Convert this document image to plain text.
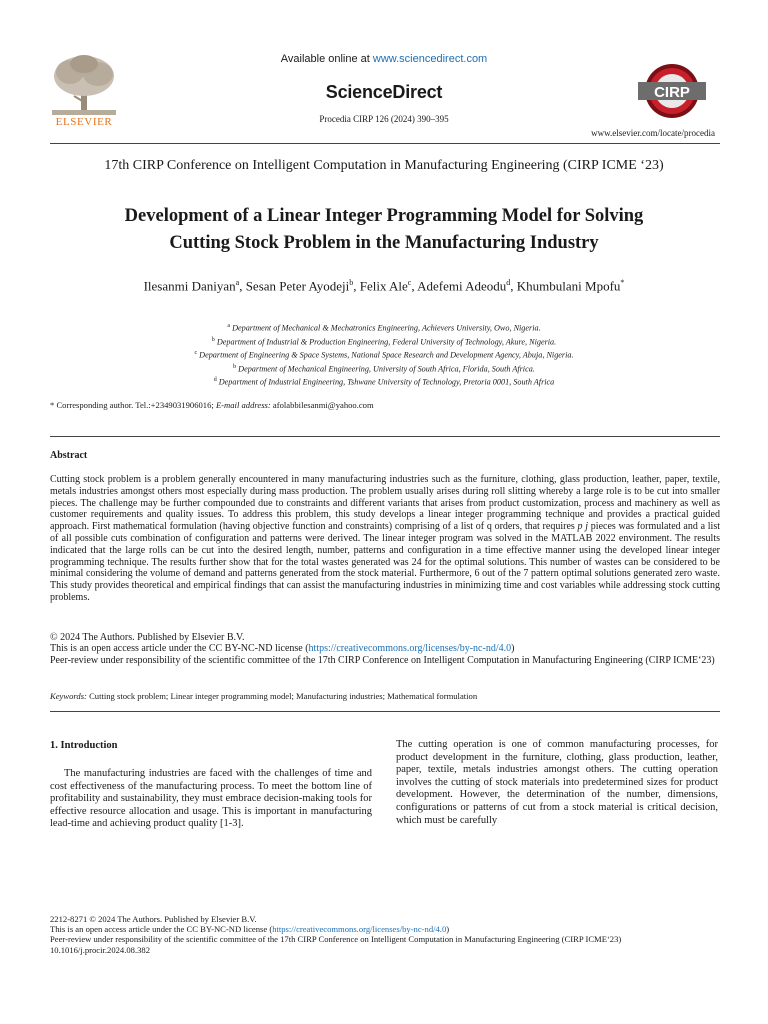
ELSEVIER
Available online at www.sciencedirect.com
ScienceDirect
Procedia CIRP 126 (2024) 390–395
CIRP
www.elsevier.com/locate/procedia
17th CIRP Conference on Intelligent Computation in Manufacturing Engineering (CIRP ICME ‘23)
Development of a Linear Integer Programming Model for Solving
Cutting Stock Problem in the Manufacturing Industry
Ilesanmi Daniyan$^a$, Sesan Peter Ayodeji$^b$, Felix Ale$^c$, Adefemi Adeodu$^d$, Khumbulani Mpofu*
$^a$ Department of Mechanical & Mechatronics Engineering, Achievers University, Owo, Nigeria.
$^b$ Department of Industrial & Production Engineering, Federal University of Technology, Akure, Nigeria.
$^c$ Department of Engineering & Space Systems, National Space Research and Development Agency, Abuja, Nigeria.
$^b$ Department of Mechanical Engineering, University of South Africa, Florida, South Africa.
$^d$ Department of Industrial Engineering, Tshwane University of Technology, Pretoria 0001, South Africa
* Corresponding author. Tel.:+2349031906016; E-mail address: afolabbilesanmi@yahoo.com
Abstract
Cutting stock problem is a problem generally encountered in many manufacturing industries such as the furniture, clothing, glass production, leather, paper, textile, metals industries amongst others most especially during mass production. The problem usually arises during roll slitting whereby a large role is to be cut into smaller pieces. The challenge may be further compounded due to constraints and different variants that arises from product customization, process and machinery as well as customer requirements and quality issues. To address this problem, this study develops a linear integer programming technique and provides a practical guided approach. First mathematical formulation (having objective function and constraints) comprising of a list of q orders, that requires p j pieces was formulated and a list of all possible cuts combination of configuration and patterns were derived. The linear integer program was solved in the MATLAB 2022 environment. The results indicated that the large rolls can be cut into the desired length, number, patterns and configuration in a time effective manner using the developed linear integer programming technique. The results further show that for the total wastes generated was 24 for the optimal solutions. This number of wastes can be considered to be minimal considering the volume of demand and patterns generated from the stock material. Furthermore, 6 out of the 7 pattern optimal solutions generated zero waste. This study provides theoretical and empirical findings that can assist the manufacturing industries in minimizing time and cost variables while addressing stock cutting problems.
© 2024 The Authors. Published by Elsevier B.V.
This is an open access article under the CC BY-NC-ND license (https://creativecommons.org/licenses/by-nc-nd/4.0)
Peer-review under responsibility of the scientific committee of the 17th CIRP Conference on Intelligent Computation in Manufacturing Engineering (CIRP ICME‘23)
Keywords: Cutting stock problem; Linear integer programming model; Manufacturing industries; Mathematical formulation
1. Introduction
The manufacturing industries are faced with the challenges of time and cost effectiveness of the manufacturing process. To meet the bottom line of profitability and sustainability, they must embrace decision-making tools for effective resource allocation and usage. This is important in manufacturing lead-time and achieving product quality [1-3].
The cutting operation is one of common manufacturing processes, for product development in the furniture, clothing, glass production, leather, paper, textile, metals industries amongst others. The cutting operation involves the cutting of stock materials into predetermined sizes for product development. However, the determination of the number, dimensions, configurations or patterns of cut from a stock material is critical decision, which must be carefully
2212-8271 © 2024 The Authors. Published by Elsevier B.V.
This is an open access article under the CC BY-NC-ND license (https://creativecommons.org/licenses/by-nc-nd/4.0)
Peer-review under responsibility of the scientific committee of the 17th CIRP Conference on Intelligent Computation in Manufacturing Engineering (CIRP ICME‘23)
10.1016/j.procir.2024.08.382
